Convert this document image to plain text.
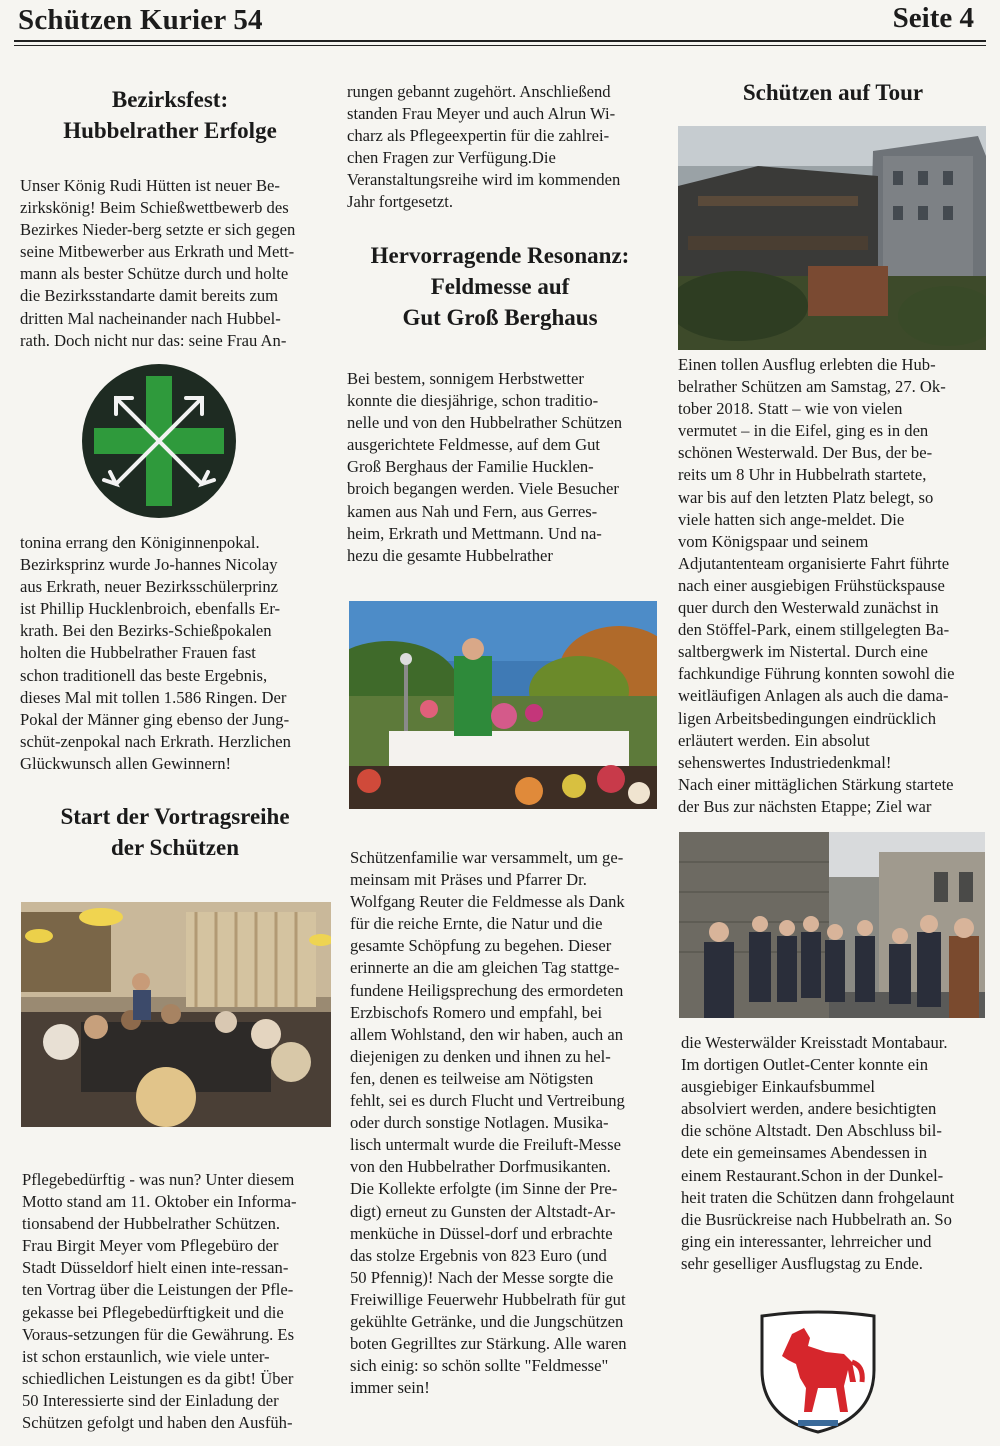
Schützen Kurier 54	Seite 4
Bezirksfest:
Hubbelrather Erfolge
Unser König Rudi Hütten ist neuer Be-
zirkskönig! Beim Schießwettbewerb des
Bezirkes Nieder-berg setzte er sich gegen
seine Mitbewerber aus Erkrath und Mett-
mann als bester Schütze durch und holte
die Bezirksstandarte damit bereits zum
dritten Mal nacheinander nach Hubbel-
rath. Doch nicht nur das: seine Frau An-
tonina errang den Königinnenpokal.
Bezirksprinz wurde Jo-hannes Nicolay
aus Erkrath, neuer Bezirksschülerprinz
ist Phillip Hucklenbroich, ebenfalls Er-
krath. Bei den Bezirks-Schießpokalen
holten die Hubbelrather Frauen fast
schon traditionell das beste Ergebnis,
dieses Mal mit tollen 1.586 Ringen. Der
Pokal der Männer ging ebenso der Jung-
schüt-zenpokal nach Erkrath. Herzlichen
Glückwunsch allen Gewinnern!
Start der Vortragsreihe
der Schützen
Pflegebedürftig - was nun? Unter diesem
Motto stand am 11. Oktober ein Informa-
tionsabend der Hubbelrather Schützen.
Frau Birgit Meyer vom Pflegebüro der
Stadt Düsseldorf hielt einen inte-ressan-
ten Vortrag über die Leistungen der Pfle-
gekasse bei Pflegebedürftigkeit und die
Voraus-setzungen für die Gewährung. Es
ist schon erstaunlich, wie viele unter-
schiedlichen Leistungen es da gibt! Über
50 Interessierte sind der Einladung der
Schützen gefolgt und haben den Ausfüh-
rungen gebannt zugehört. Anschließend
standen Frau Meyer und auch Alrun Wi-
charz als Pflegeexpertin für die zahlrei-
chen Fragen zur Verfügung.Die
Veranstaltungsreihe wird im kommenden
Jahr fortgesetzt.
Hervorragende Resonanz:
Feldmesse auf
Gut Groß Berghaus
Bei bestem, sonnigem Herbstwetter
konnte die diesjährige, schon traditio-
nelle und von den Hubbelrather Schützen
ausgerichtete Feldmesse, auf dem Gut
Groß Berghaus der Familie Hucklen-
broich begangen werden. Viele Besucher
kamen aus Nah und Fern, aus Gerres-
heim, Erkrath und Mettmann. Und na-
hezu die gesamte Hubbelrather
Schützenfamilie war versammelt, um ge-
meinsam mit Präses und Pfarrer Dr.
Wolfgang Reuter die Feldmesse als Dank
für die reiche Ernte, die Natur und die
gesamte Schöpfung zu begehen. Dieser
erinnerte an die am gleichen Tag stattge-
fundene Heiligsprechung des ermordeten
Erzbischofs Romero und empfahl, bei
allem Wohlstand, den wir haben, auch an
diejenigen zu denken und ihnen zu hel-
fen, denen es teilweise am Nötigsten
fehlt, sei es durch Flucht und Vertreibung
oder durch sonstige Notlagen. Musika-
lisch untermalt wurde die Freiluft-Messe
von den Hubbelrather Dorfmusikanten.
Die Kollekte erfolgte (im Sinne der Pre-
digt) erneut zu Gunsten der Altstadt-Ar-
menküche in Düssel-dorf und erbrachte
das stolze Ergebnis von 823 Euro (und
50 Pfennig)! Nach der Messe sorgte die
Freiwillige Feuerwehr Hubbelrath für gut
gekühlte Getränke, und die Jungschützen
boten Gegrilltes zur Stärkung. Alle waren
sich einig: so schön sollte "Feldmesse"
immer sein!
Schützen auf Tour
Einen tollen Ausflug erlebten die Hub-
belrather Schützen am Samstag, 27. Ok-
tober 2018. Statt – wie von vielen
vermutet – in die Eifel, ging es in den
schönen Westerwald. Der Bus, der be-
reits um 8 Uhr in Hubbelrath startete,
war bis auf den letzten Platz belegt, so
viele hatten sich ange-meldet. Die
vom Königspaar und seinem
Adjutantenteam organisierte Fahrt führte
nach einer ausgiebigen Frühstückspause
quer durch den Westerwald zunächst in
den Stöffel-Park, einem stillgelegten Ba-
saltbergwerk im Nistertal. Durch eine
fachkundige Führung konnten sowohl die
weitläufigen Anlagen als auch die dama-
ligen Arbeitsbedingungen eindrücklich
erläutert werden. Ein absolut
sehenswertes Industriedenkmal!
Nach einer mittäglichen Stärkung startete
der Bus zur nächsten Etappe; Ziel war
die Westerwälder Kreisstadt Montabaur.
Im dortigen Outlet-Center konnte ein
ausgiebiger Einkaufsbummel
absolviert werden, andere besichtigten
die schöne Altstadt. Den Abschluss bil-
dete ein gemeinsames Abendessen in
einem Restaurant.Schon in der Dunkel-
heit traten die Schützen dann frohgelaunt
die Busrückreise nach Hubbelrath an. So
ging ein interessanter, lehrreicher und
sehr geselliger Ausflugstag zu Ende.
